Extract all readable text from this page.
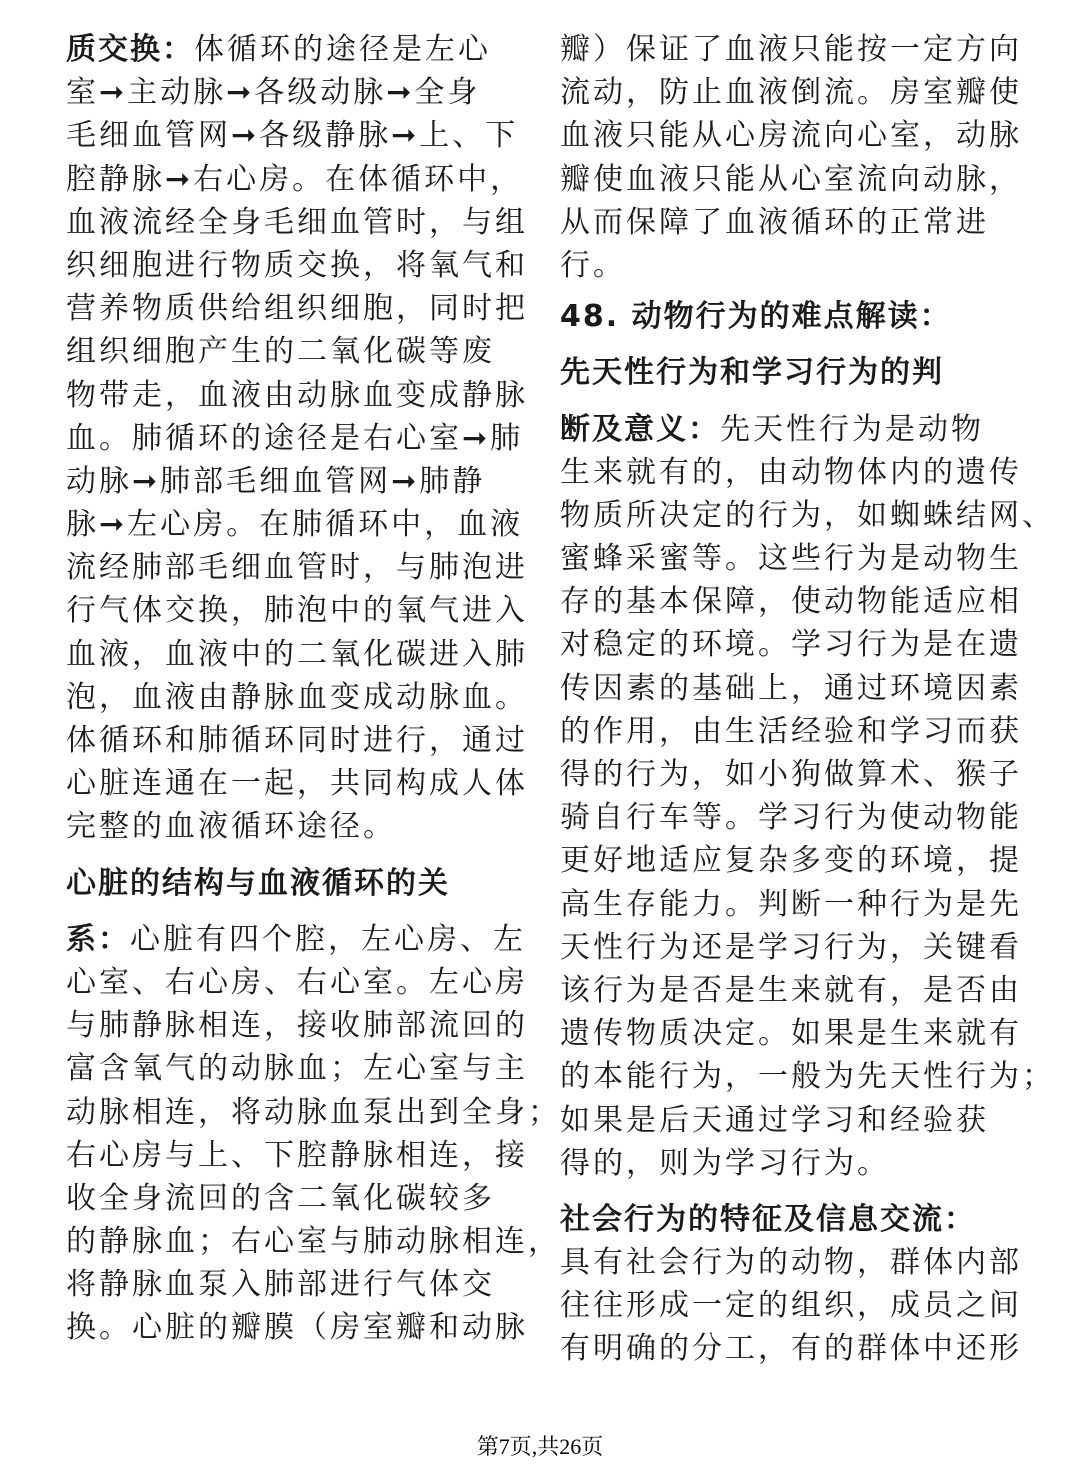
质交换：体循环的途径是左心
室➞主动脉➞各级动脉➞全身
毛细血管网➞各级静脉➞上、下
腔静脉➞右心房。在体循环中，
血液流经全身毛细血管时，与组
织细胞进行物质交换，将氧气和
营养物质供给组织细胞，同时把
组织细胞产生的二氧化碳等废
物带走，血液由动脉血变成静脉
血。肺循环的途径是右心室➞肺
动脉➞肺部毛细血管网➞肺静
脉➞左心房。在肺循环中，血液
流经肺部毛细血管时，与肺泡进
行气体交换，肺泡中的氧气进入
血液，血液中的二氧化碳进入肺
泡，血液由静脉血变成动脉血。
体循环和肺循环同时进行，通过
心脏连通在一起，共同构成人体
完整的血液循环途径。
心脏的结构与血液循环的关
系：心脏有四个腔，左心房、左
心室、右心房、右心室。左心房
与肺静脉相连，接收肺部流回的
富含氧气的动脉血；左心室与主
动脉相连，将动脉血泵出到全身；
右心房与上、下腔静脉相连，接
收全身流回的含二氧化碳较多
的静脉血；右心室与肺动脉相连，
将静脉血泵入肺部进行气体交
换。心脏的瓣膜（房室瓣和动脉
瓣）保证了血液只能按一定方向
流动，防止血液倒流。房室瓣使
血液只能从心房流向心室，动脉
瓣使血液只能从心室流向动脉，
从而保障了血液循环的正常进
行。
48. 动物行为的难点解读：
先天性行为和学习行为的判
断及意义：先天性行为是动物
生来就有的，由动物体内的遗传
物质所决定的行为，如蜘蛛结网、
蜜蜂采蜜等。这些行为是动物生
存的基本保障，使动物能适应相
对稳定的环境。学习行为是在遗
传因素的基础上，通过环境因素
的作用，由生活经验和学习而获
得的行为，如小狗做算术、猴子
骑自行车等。学习行为使动物能
更好地适应复杂多变的环境，提
高生存能力。判断一种行为是先
天性行为还是学习行为，关键看
该行为是否是生来就有，是否由
遗传物质决定。如果是生来就有
的本能行为，一般为先天性行为；
如果是后天通过学习和经验获
得的，则为学习行为。
社会行为的特征及信息交流：
具有社会行为的动物，群体内部
往往形成一定的组织，成员之间
有明确的分工，有的群体中还形
第7页,共26页
